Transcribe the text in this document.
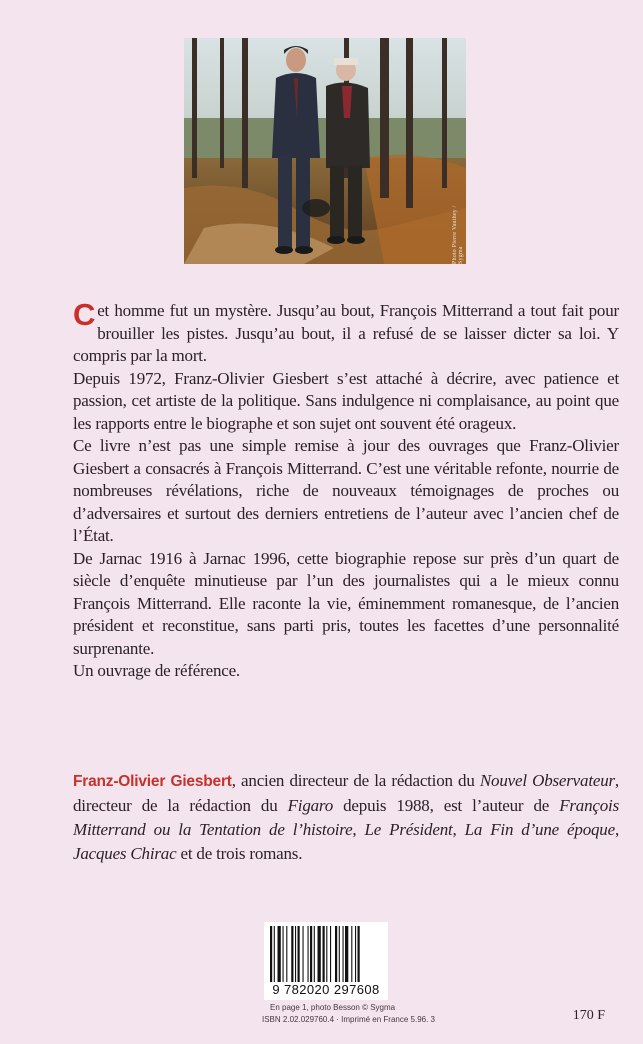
Photo Pierre Vauthey / Sygma

Cet homme fut un mystère. Jusqu’au bout, François Mitterrand a tout fait pour brouiller les pistes. Jusqu’au bout, il a refusé de se laisser dicter sa loi. Y compris par la mort.

Depuis 1972, Franz-Olivier Giesbert s’est attaché à décrire, avec patience et passion, cet artiste de la politique. Sans indulgence ni complaisance, au point que les rapports entre le biographe et son sujet ont souvent été orageux.

Ce livre n’est pas une simple remise à jour des ouvrages que Franz-Olivier Giesbert a consacrés à François Mitterrand. C’est une véritable refonte, nourrie de nombreuses révélations, riche de nouveaux témoignages de proches ou d’adversaires et surtout des derniers entretiens de l’auteur avec l’ancien chef de l’État.

De Jarnac 1916 à Jarnac 1996, cette biographie repose sur près d’un quart de siècle d’enquête minutieuse par l’un des journalistes qui a le mieux connu François Mitterrand. Elle raconte la vie, éminemment romanesque, de l’ancien président et reconstitue, sans parti pris, toutes les facettes d’une personnalité surprenante.

Un ouvrage de référence.

Franz-Olivier Giesbert, ancien directeur de la rédaction du Nouvel Observateur, directeur de la rédaction du Figaro depuis 1988, est l’auteur de François Mitterrand ou la Tentation de l’histoire, Le Président, La Fin d’une époque, Jacques Chirac et de trois romans.

9 782020 297608
En page 1, photo Besson © Sygma
ISBN 2.02.029760.4 · Imprimé en France 5.96. 3	170 F
